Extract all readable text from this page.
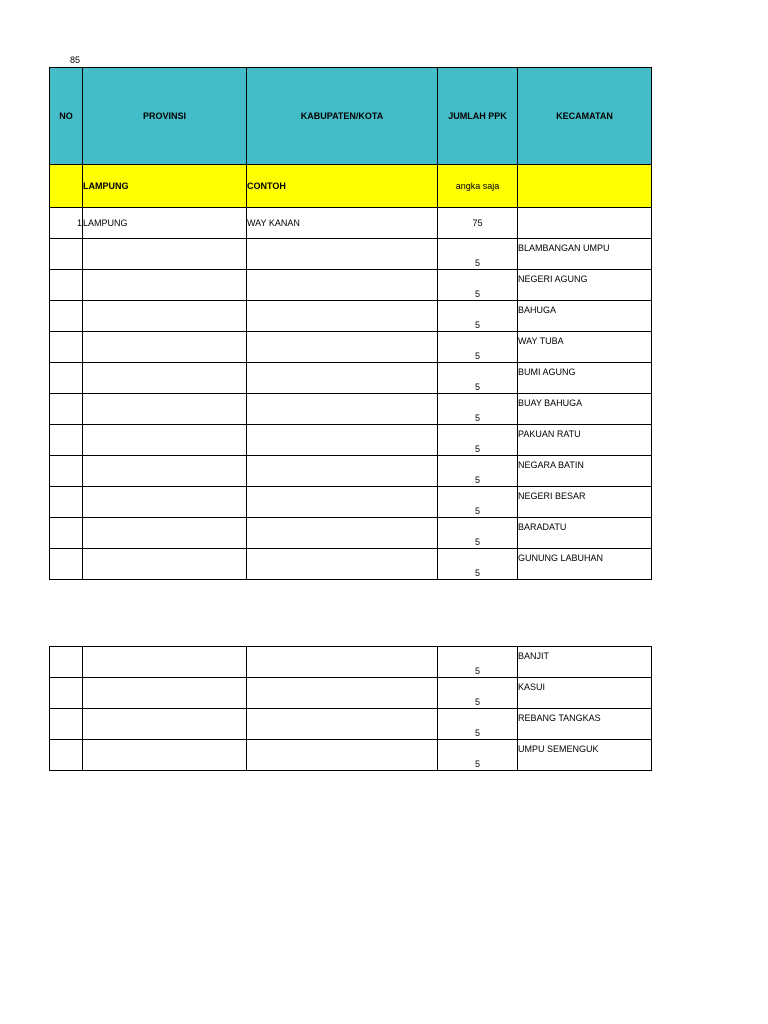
85
NO	PROVINSI	KABUPATEN/KOTA	JUMLAH PPK	KECAMATAN
	LAMPUNG	CONTOH	angka saja	
1	LAMPUNG	WAY KANAN	75	
			5	BLAMBANGAN UMPU
			5	NEGERI AGUNG
			5	BAHUGA
			5	WAY TUBA
			5	BUMI AGUNG
			5	BUAY BAHUGA
			5	PAKUAN RATU
			5	NEGARA BATIN
			5	NEGERI BESAR
			5	BARADATU
			5	GUNUNG LABUHAN
			5	BANJIT
			5	KASUI
			5	REBANG TANGKAS
			5	UMPU SEMENGUK
